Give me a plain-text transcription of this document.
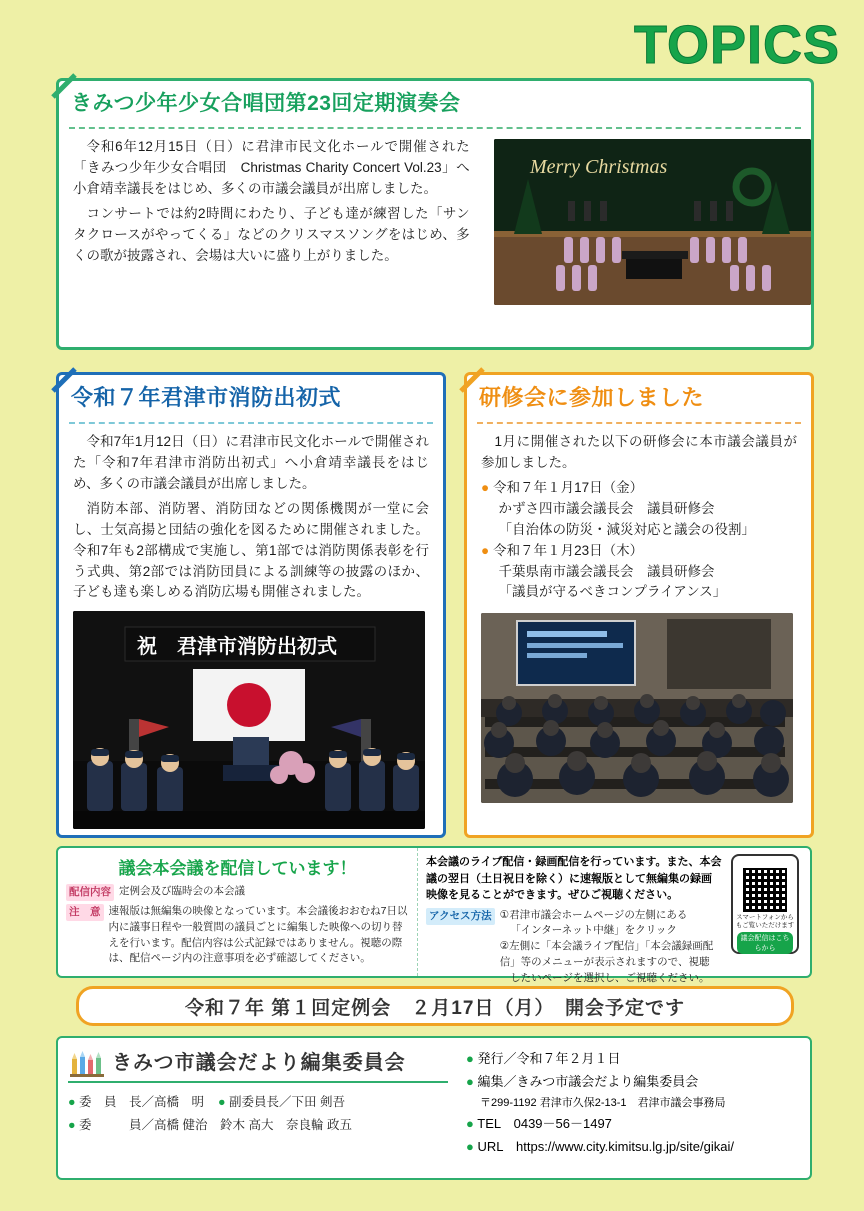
TOPICS
きみつ少年少女合唱団第23回定期演奏会

令和6年12月15日（日）に君津市民文化ホールで開催された「きみつ少年少女合唱団　Christmas Charity Concert Vol.23」へ小倉靖幸議長をはじめ、多くの市議会議員が出席しました。

コンサートでは約2時間にわたり、子ども達が練習した「サンタクロースがやってくる」などのクリスマスソングをはじめ、多くの歌が披露され、会場は大いに盛り上がりました。

Merry Christmas
令和７年君津市消防出初式

令和7年1月12日（日）に君津市民文化ホールで開催された「令和7年君津市消防出初式」へ小倉靖幸議長をはじめ、多くの市議会議員が出席しました。

消防本部、消防署、消防団などの関係機関が一堂に会し、士気高揚と団結の強化を図るために開催されました。令和7年も2部構成で実施し、第1部では消防関係表彰を行う式典、第2部では消防団員による訓練等の披露のほか、子ども達も楽しめる消防広場も開催されました。

祝　君津市消防出初式
研修会に参加しました

1月に開催された以下の研修会に本市議会議員が参加しました。

● 令和７年１月17日（金）
かずさ四市議会議長会　議員研修会
「自治体の防災・減災対応と議会の役割」
● 令和７年１月23日（木）
千葉県南市議会議長会　議員研修会
「議員が守るべきコンプライアンス」
議会本会議を配信しています！
配信内容 定例会及び臨時会の本会議
注　意 速報版は無編集の映像となっています。本会議後おおむね7日以内に議事日程や一般質問の議員ごとに編集した映像への切り替えを行います。配信内容は公式記録ではありません。視聴の際は、配信ページ内の注意事項を必ず確認してください。
本会議のライブ配信・録画配信を行っています。また、本会議の翌日（土日祝日を除く）に速報版として無編集の録画映像を見ることができます。ぜひご視聴ください。
アクセス方法 ①君津市議会ホームページの左側にある
「インターネット中継」をクリック
②左側に「本会議ライブ配信」「本会議録画配信」等のメニューが表示されますので、視聴
したいページを選択し、ご視聴ください。
スマートフォンからもご覧いただけます
議会配信はこちらから
令和７年 第１回定例会　２月17日（月）　開会予定です
きみつ市議会だより編集委員会
● 委　員　長／高橋　明 ● 副委員長／下田 剣吾
● 委　　　員／高橋 健治　鈴木 高大　奈良輪 政五
● 発行／令和７年２月１日
● 編集／きみつ市議会だより編集委員会
〒299-1192 君津市久保2-13-1　君津市議会事務局
● TEL　0439－56－1497
● URL　https://www.city.kimitsu.lg.jp/site/gikai/
